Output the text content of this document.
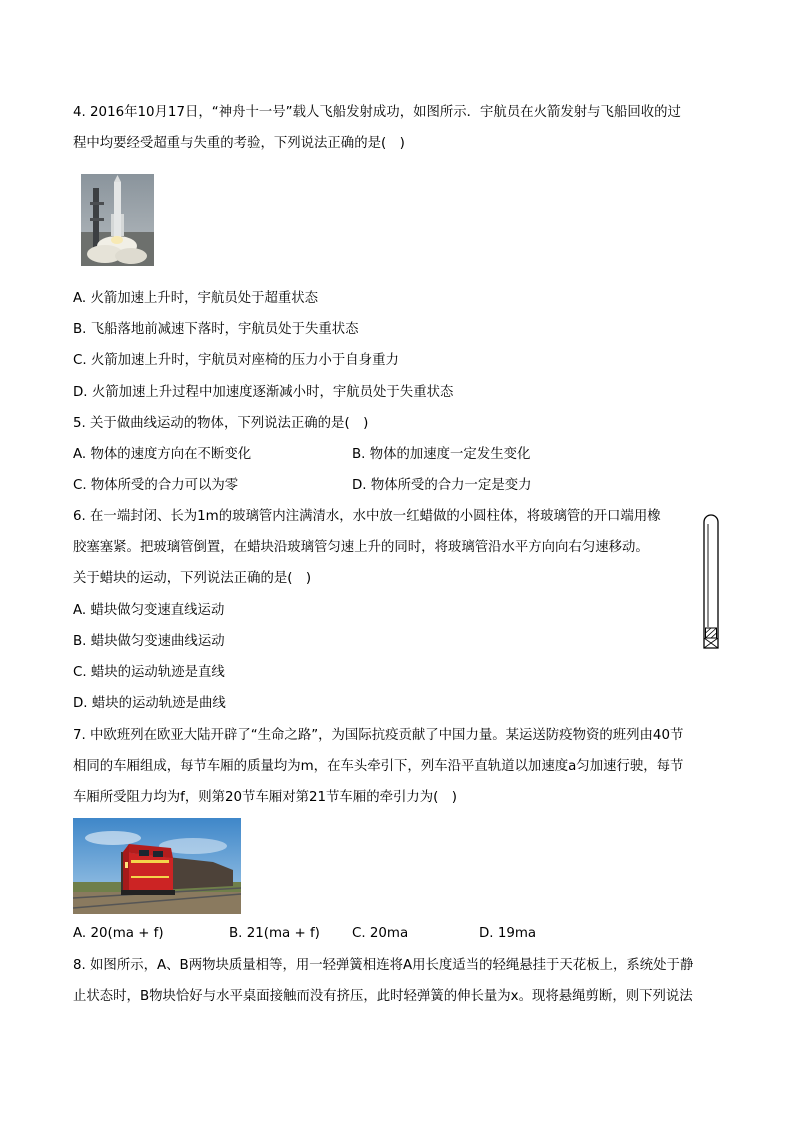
4. 2016年10月17日，“神舟十一号”载人飞船发射成功，如图所示．宇航员在火箭发射与飞船回收的过
程中均要经受超重与失重的考验，下列说法正确的是(　)
A. 火箭加速上升时，宇航员处于超重状态
B. 飞船落地前减速下落时，宇航员处于失重状态
C. 火箭加速上升时，宇航员对座椅的压力小于自身重力
D. 火箭加速上升过程中加速度逐渐减小时，宇航员处于失重状态
5. 关于做曲线运动的物体，下列说法正确的是(　)
A. 物体的速度方向在不断变化	B. 物体的加速度一定发生变化
C. 物体所受的合力可以为零	D. 物体所受的合力一定是变力
6. 在一端封闭、长为1m的玻璃管内注满清水，水中放一红蜡做的小圆柱体，将玻璃管的开口端用橡
胶塞塞紧。把玻璃管倒置，在蜡块沿玻璃管匀速上升的同时，将玻璃管沿水平方向向右匀速移动。
关于蜡块的运动，下列说法正确的是(　)
A. 蜡块做匀变速直线运动
B. 蜡块做匀变速曲线运动
C. 蜡块的运动轨迹是直线
D. 蜡块的运动轨迹是曲线
7. 中欧班列在欧亚大陆开辟了“生命之路”，为国际抗疫贡献了中国力量。某运送防疫物资的班列由40节
相同的车厢组成，每节车厢的质量均为m，在车头牵引下，列车沿平直轨道以加速度a匀加速行驶，每节
车厢所受阻力均为f，则第20节车厢对第21节车厢的牵引力为(　)
A. 20(ma + f)	B. 21(ma + f) C. 20ma	D. 19ma
8. 如图所示，A、B两物块质量相等，用一轻弹簧相连将A用长度适当的轻绳悬挂于天花板上，系统处于静
止状态时，B物块恰好与水平桌面接触而没有挤压，此时轻弹簧的伸长量为x。现将悬绳剪断，则下列说法
